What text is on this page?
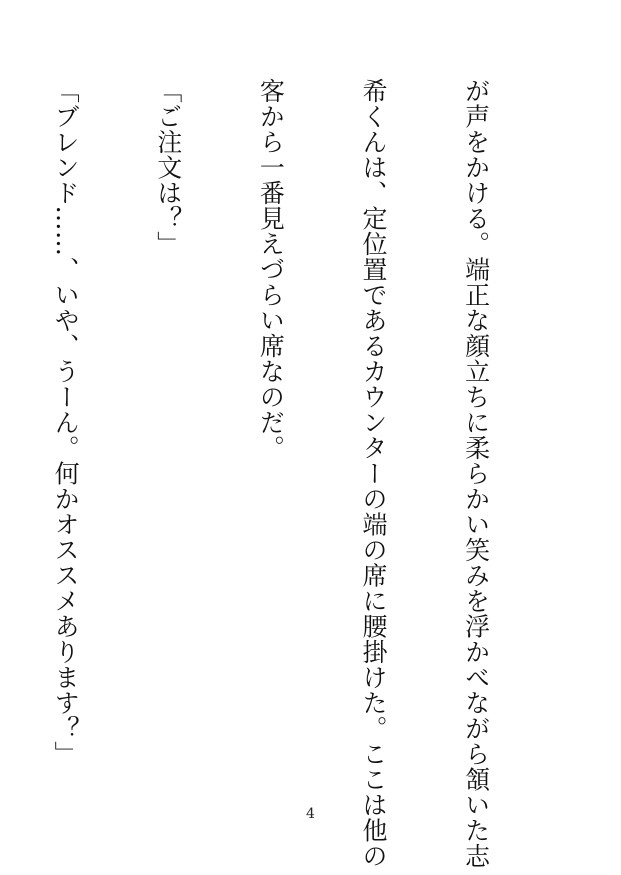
が声をかける。端正な顔立ちに柔らかい笑みを浮かべながら頷いた志

希くんは、定位置であるカウンターの端の席に腰掛けた。ここは他の

客から一番見えづらい席なのだ。

「ご注文は？」

「ブレンド……、いや、うーん。何かオススメあります？」

4
